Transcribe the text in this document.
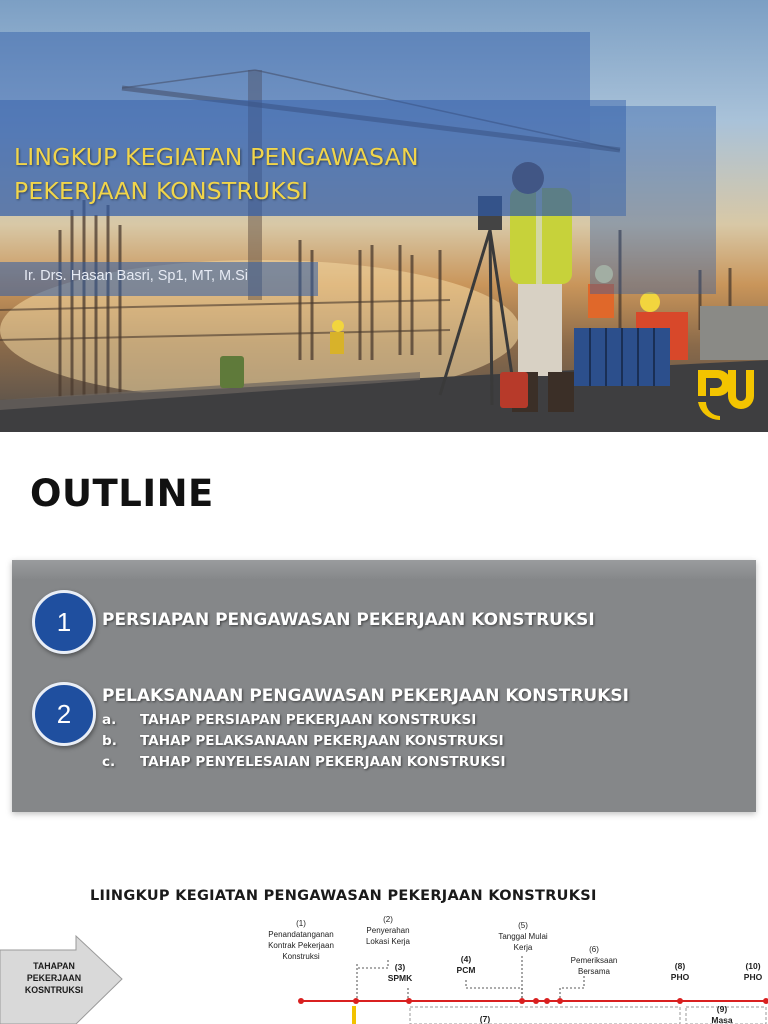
LINGKUP KEGIATAN PENGAWASAN
PEKERJAAN KONSTRUKSI
Ir. Drs. Hasan Basri, Sp1, MT, M.Si
OUTLINE
1	PERSIAPAN PENGAWASAN PEKERJAAN KONSTRUKSI
2
PELAKSANAAN PENGAWASAN PEKERJAAN KONSTRUKSI
a. TAHAP PERSIAPAN PEKERJAAN KONSTRUKSI
b. TAHAP PELAKSANAAN PEKERJAAN KONSTRUKSI
c. TAHAP PENYELESAIAN PEKERJAAN KONSTRUKSI
LIINGKUP KEGIATAN PENGAWASAN PEKERJAAN KONSTRUKSI
TAHAPAN
PEKERJAAN
KOSNTRUKSI
(1)
Penandatanganan
Kontrak Pekerjaan
Konstruksi
(2)
Penyerahan
Lokasi Kerja
(3)
SPMK
(4)
PCM
(5)
Tanggal Mulai
Kerja	(6)
Pemeriksaan
Bersama
(7)
(8)
PHO
(9)
Masa
(10)
PHO
